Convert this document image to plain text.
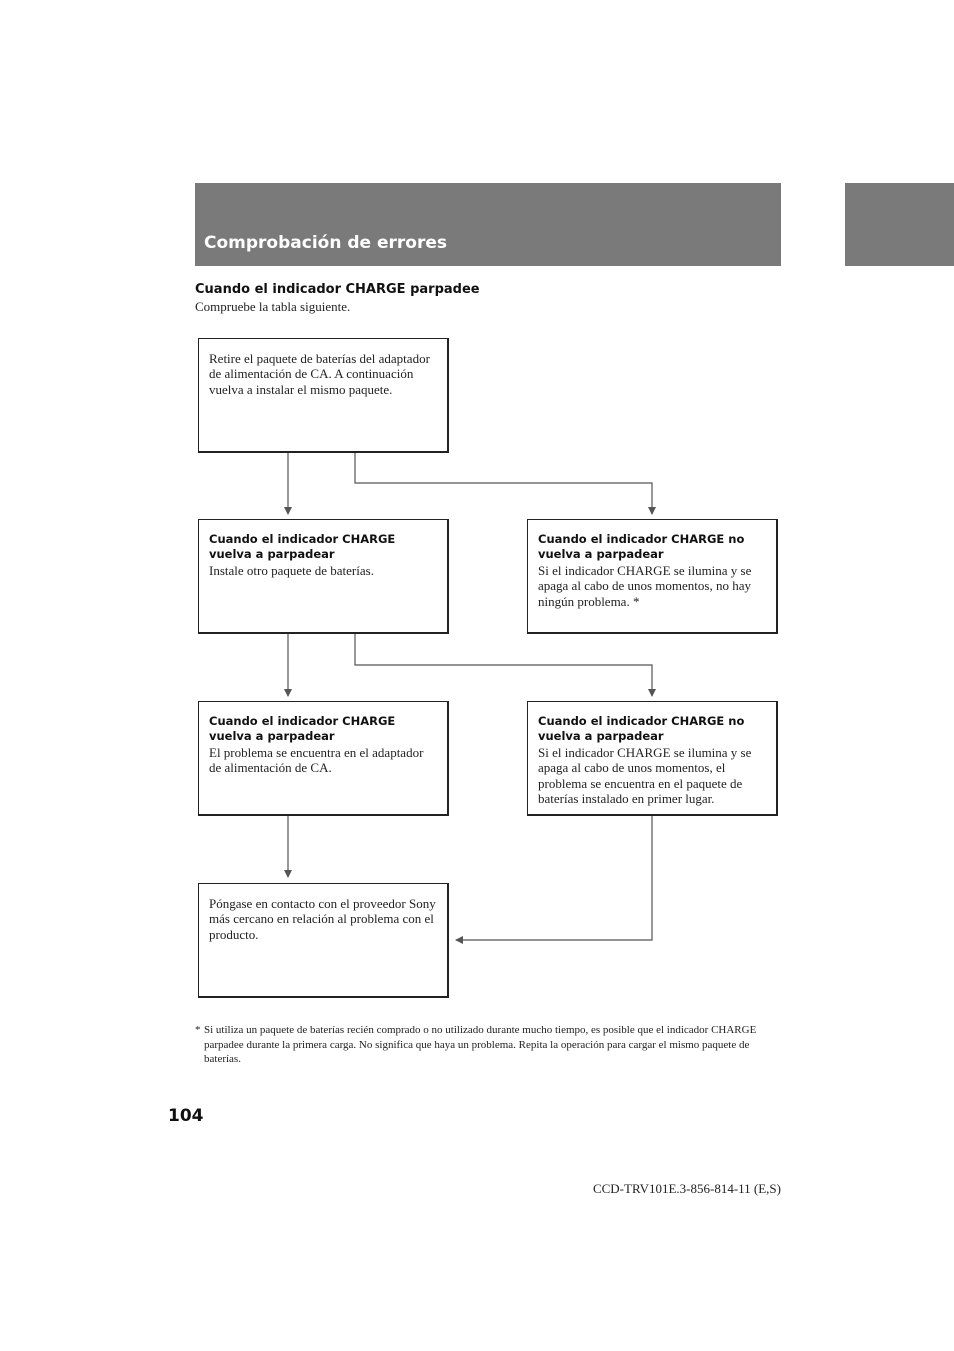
Comprobación de errores
Cuando el indicador CHARGE parpadee
Compruebe la tabla siguiente.
Retire el paquete de baterías del adaptador de alimentación de CA. A continuación vuelva a instalar el mismo paquete.
Cuando el indicador CHARGE vuelva a parpadear
Instale otro paquete de baterías.
Cuando el indicador CHARGE no vuelva a parpadear
Si el indicador CHARGE se ilumina y se apaga al cabo de unos momentos, no hay ningún problema. *
Cuando el indicador CHARGE vuelva a parpadear
El problema se encuentra en el adaptador de alimentación de CA.
Cuando el indicador CHARGE no vuelva a parpadear
Si el indicador CHARGE se ilumina y se apaga al cabo de unos momentos, el problema se encuentra en el paquete de baterías instalado en primer lugar.
Póngase en contacto con el proveedor Sony más cercano en relación al problema con el producto.
* Si utiliza un paquete de baterías recién comprado o no utilizado durante mucho tiempo, es posible que el indicador CHARGE parpadee durante la primera carga. No significa que haya un problema. Repita la operación para cargar el mismo paquete de baterías.
104
CCD-TRV101E.3-856-814-11 (E,S)
